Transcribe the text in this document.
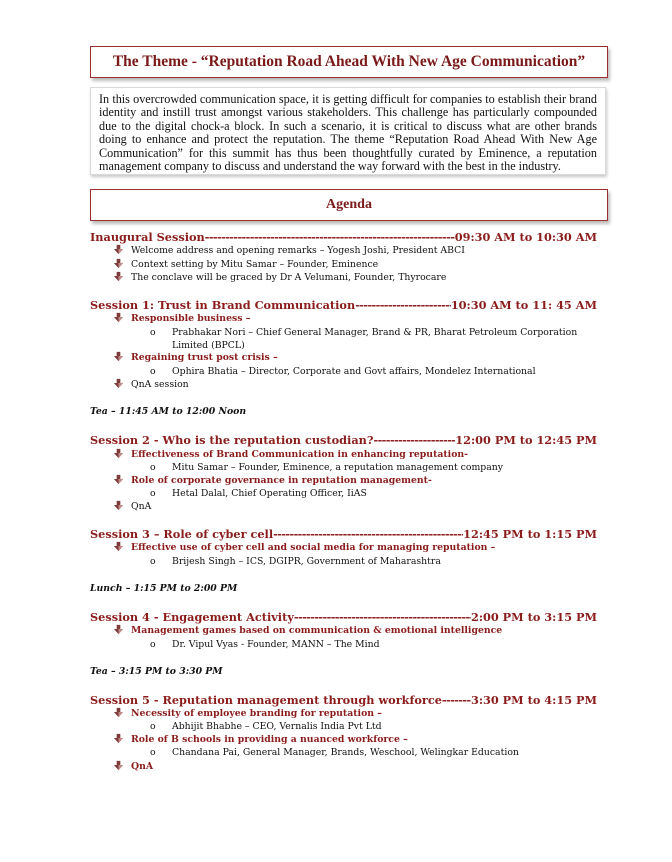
The Theme - “Reputation Road Ahead With New Age Communication”
In this overcrowded communication space, it is getting difficult for companies to establish their brand identity and instill trust amongst various stakeholders. This challenge has particularly compounded due to the digital chock-a block. In such a scenario, it is critical to discuss what are other brands doing to enhance and protect the reputation. The theme “Reputation Road Ahead With New Age Communication” for this summit has thus been thoughtfully curated by Eminence, a reputation management company to discuss and understand the way forward with the best in the industry.
Agenda
Inaugural Session -----	09:30 AM to 10:30 AM
Welcome address and opening remarks – Yogesh Joshi, President ABCI
Context setting by Mitu Samar – Founder, Eminence
The conclave will be graced by Dr A Velumani, Founder, Thyrocare
Session 1: Trust in Brand Communication -----	10:30 AM to 11: 45 AM
Responsible business –
o Prabhakar Nori – Chief General Manager, Brand & PR, Bharat Petroleum Corporation
Limited (BPCL)
Regaining trust post crisis –
o Ophira Bhatia – Director, Corporate and Govt affairs, Mondelez International
QnA session
Tea – 11:45 AM to 12:00 Noon
Session 2 - Who is the reputation custodian? -----	12:00 PM to 12:45 PM
Effectiveness of Brand Communication in enhancing reputation-
o Mitu Samar – Founder, Eminence, a reputation management company
Role of corporate governance in reputation management-
o Hetal Dalal, Chief Operating Officer, IiAS
QnA
Session 3 – Role of cyber cell -----	12:45 PM to 1:15 PM
Effective use of cyber cell and social media for managing reputation –
o Brijesh Singh – ICS, DGIPR, Government of Maharashtra
Lunch – 1:15 PM to 2:00 PM
Session 4 - Engagement Activity -----	2:00 PM to 3:15 PM
Management games based on communication & emotional intelligence
o Dr. Vipul Vyas - Founder, MANN – The Mind
Tea – 3:15 PM to 3:30 PM
Session 5 - Reputation management through workforce -----	3:30 PM to 4:15 PM
Necessity of employee branding for reputation –
o Abhijit Bhabhe – CEO, Vernalis India Pvt Ltd
Role of B schools in providing a nuanced workforce –
o Chandana Pai, General Manager, Brands, Weschool, Welingkar Education
QnA
